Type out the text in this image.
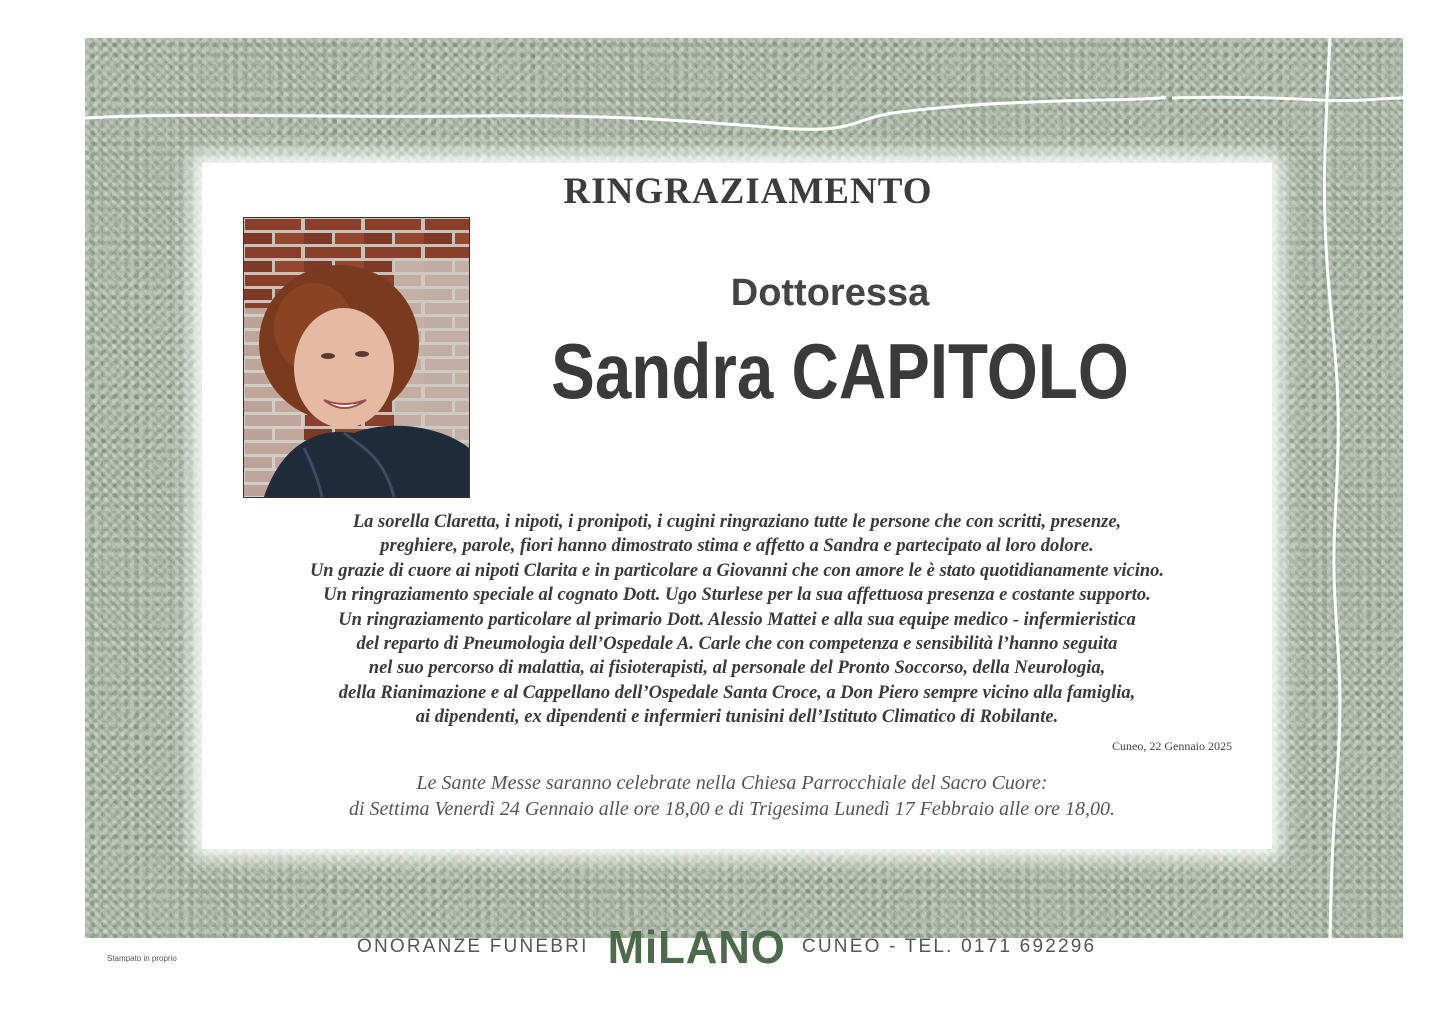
RINGRAZIAMENTO
Dottoressa
Sandra CAPITOLO
La sorella Claretta, i nipoti, i pronipoti, i cugini ringraziano tutte le persone che con scritti, presenze,
preghiere, parole, fiori hanno dimostrato stima e affetto a Sandra e partecipato al loro dolore.
Un grazie di cuore ai nipoti Clarita e in particolare a Giovanni che con amore le è stato quotidianamente vicino.
Un ringraziamento speciale al cognato Dott. Ugo Sturlese per la sua affettuosa presenza e costante supporto.
Un ringraziamento particolare al primario Dott. Alessio Mattei e alla sua equipe medico - infermieristica
del reparto di Pneumologia dell’Ospedale A. Carle che con competenza e sensibilità l’hanno seguita
nel suo percorso di malattia, ai fisioterapisti, al personale del Pronto Soccorso, della Neurologia,
della Rianimazione e al Cappellano dell’Ospedale Santa Croce, a Don Piero sempre vicino alla famiglia,
ai dipendenti, ex dipendenti e infermieri tunisini dell’Istituto Climatico di Robilante.
Cuneo, 22 Gennaio 2025
Le Sante Messe saranno celebrate nella Chiesa Parrocchiale del Sacro Cuore:
di Settima Venerdì 24 Gennaio alle ore 18,00 e di Trigesima Lunedì 17 Febbraio alle ore 18,00.
Stampato in proprio
ONORANZE FUNEBRI MiLANO CUNEO - TEL. 0171 692296
